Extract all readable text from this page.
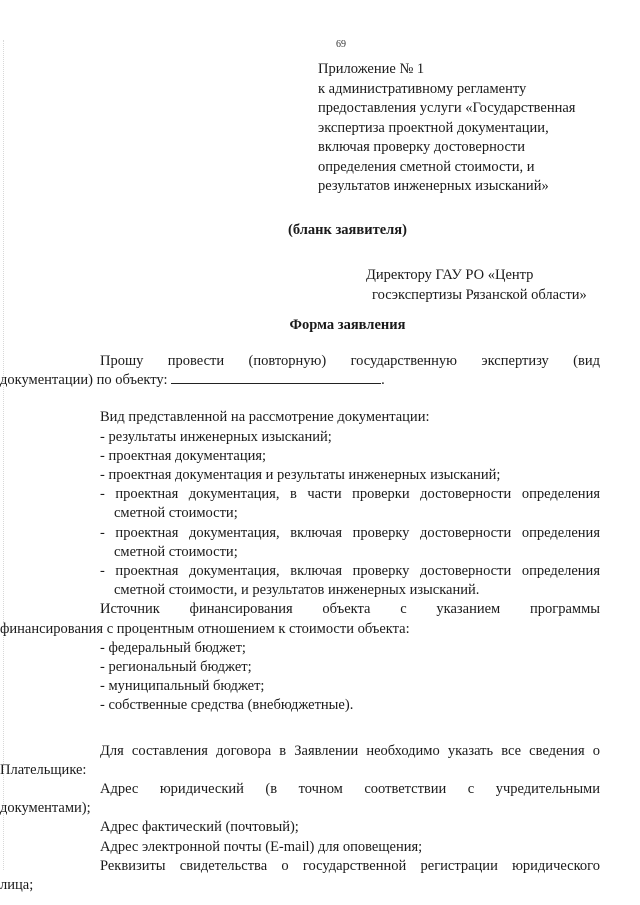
69
Приложение № 1
к административному регламенту
предоставления услуги «Государственная
экспертиза проектной документации,
включая проверку достоверности
определения сметной стоимости, и
результатов инженерных изысканий»
(бланк заявителя)
Директору ГАУ РО «Центр
госэкспертизы Рязанской области»
Форма заявления

Прошу провести (повторную) государственную экспертизу (вид

документации) по объекту:	.

Вид представленной на рассмотрение документации:

- результаты инженерных изысканий;

- проектная документация;

- проектная документация и результаты инженерных изысканий;

- проектная документация, в части проверки достоверности определения

сметной стоимости;

- проектная документация, включая проверку достоверности определения

сметной стоимости;

- проектная документация, включая проверку достоверности определения

сметной стоимости, и результатов инженерных изысканий.

Источник финансирования объекта с указанием программы

финансирования с процентным отношением к стоимости объекта:

- федеральный бюджет;

- региональный бюджет;

- муниципальный бюджет;

- собственные средства (внебюджетные).

Для составления договора в Заявлении необходимо указать все сведения о

Плательщике:

Адрес юридический (в точном соответствии с учредительными

документами);

Адрес фактический (почтовый);

Адрес электронной почты (E-mail) для оповещения;

Реквизиты свидетельства о государственной регистрации юридического

лица;
